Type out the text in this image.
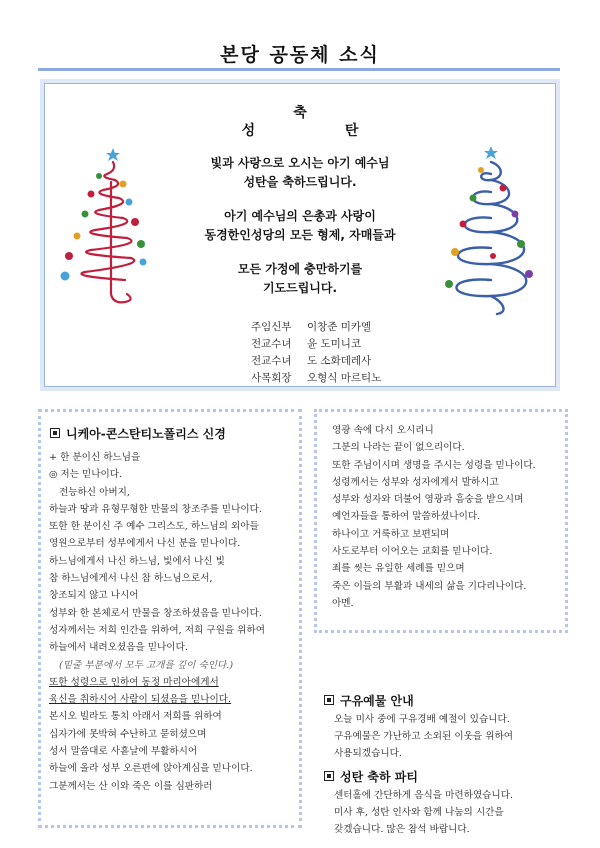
본당 공동체 소식
축
성	탄
빛과 사랑으로 오시는 아기 예수님
성탄을 축하드립니다.
아기 예수님의 은총과 사랑이
동경한인성당의 모든 형제, 자매들과
모든 가정에 충만하기를
기도드립니다.
주임신부	이창준 미카엘
전교수녀	윤 도미니코
전교수녀	도 소화데레사
사목회장	오형식 마르티노
니케아-콘스탄티노폴리스 신경
+ 한 분이신 하느님을
◎ 저는 믿나이다.
전능하신 아버지,
하늘과 땅과 유형무형한 만물의 창조주를 믿나이다.
또한 한 분이신 주 예수 그리스도, 하느님의 외아들
영원으로부터 성부에게서 나신 분을 믿나이다.
하느님에게서 나신 하느님, 빛에서 나신 빛
참 하느님에게서 나신 참 하느님으로서,
창조되지 않고 나시어
성부와 한 본체로서 만물을 창조하셨음을 믿나이다.
성자께서는 저희 인간을 위하여, 저희 구원을 위하여
하늘에서 내려오셨음을 믿나이다.
(밑줄 부분에서 모두 고개를 깊이 숙인다.)
또한 성령으로 인하여 동정 마리아에게서
육신을 취하시어 사람이 되셨음을 믿나이다.
본시오 빌라도 통치 아래서 저희를 위하여
십자가에 못박혀 수난하고 묻히셨으며
성서 말씀대로 사흗날에 부활하시어
하늘에 올라 성부 오른편에 앉아계심을 믿나이다.
그분께서는 산 이와 죽은 이를 심판하러
영광 속에 다시 오시리니
그분의 나라는 끝이 없으리이다.
또한 주님이시며 생명을 주시는 성령을 믿나이다.
성령께서는 성부와 성자에게서 발하시고
성부와 성자와 더불어 영광과 흠숭을 받으시며
예언자들을 통하여 말씀하셨나이다.
하나이고 거룩하고 보편되며
사도로부터 이어오는 교회를 믿나이다.
죄를 씻는 유일한 세례를 믿으며
죽은 이들의 부활과 내세의 삶을 기다리나이다.
아멘.
구유예물 안내
오늘 미사 중에 구유경배 예절이 있습니다.
구유예물은 가난하고 소외된 이웃을 위하여
사용되겠습니다.
성탄 축하 파티
센터홀에 간단하게 음식을 마련하였습니다.
미사 후, 성탄 인사와 함께 나눔의 시간을
갖겠습니다. 많은 참석 바랍니다.
